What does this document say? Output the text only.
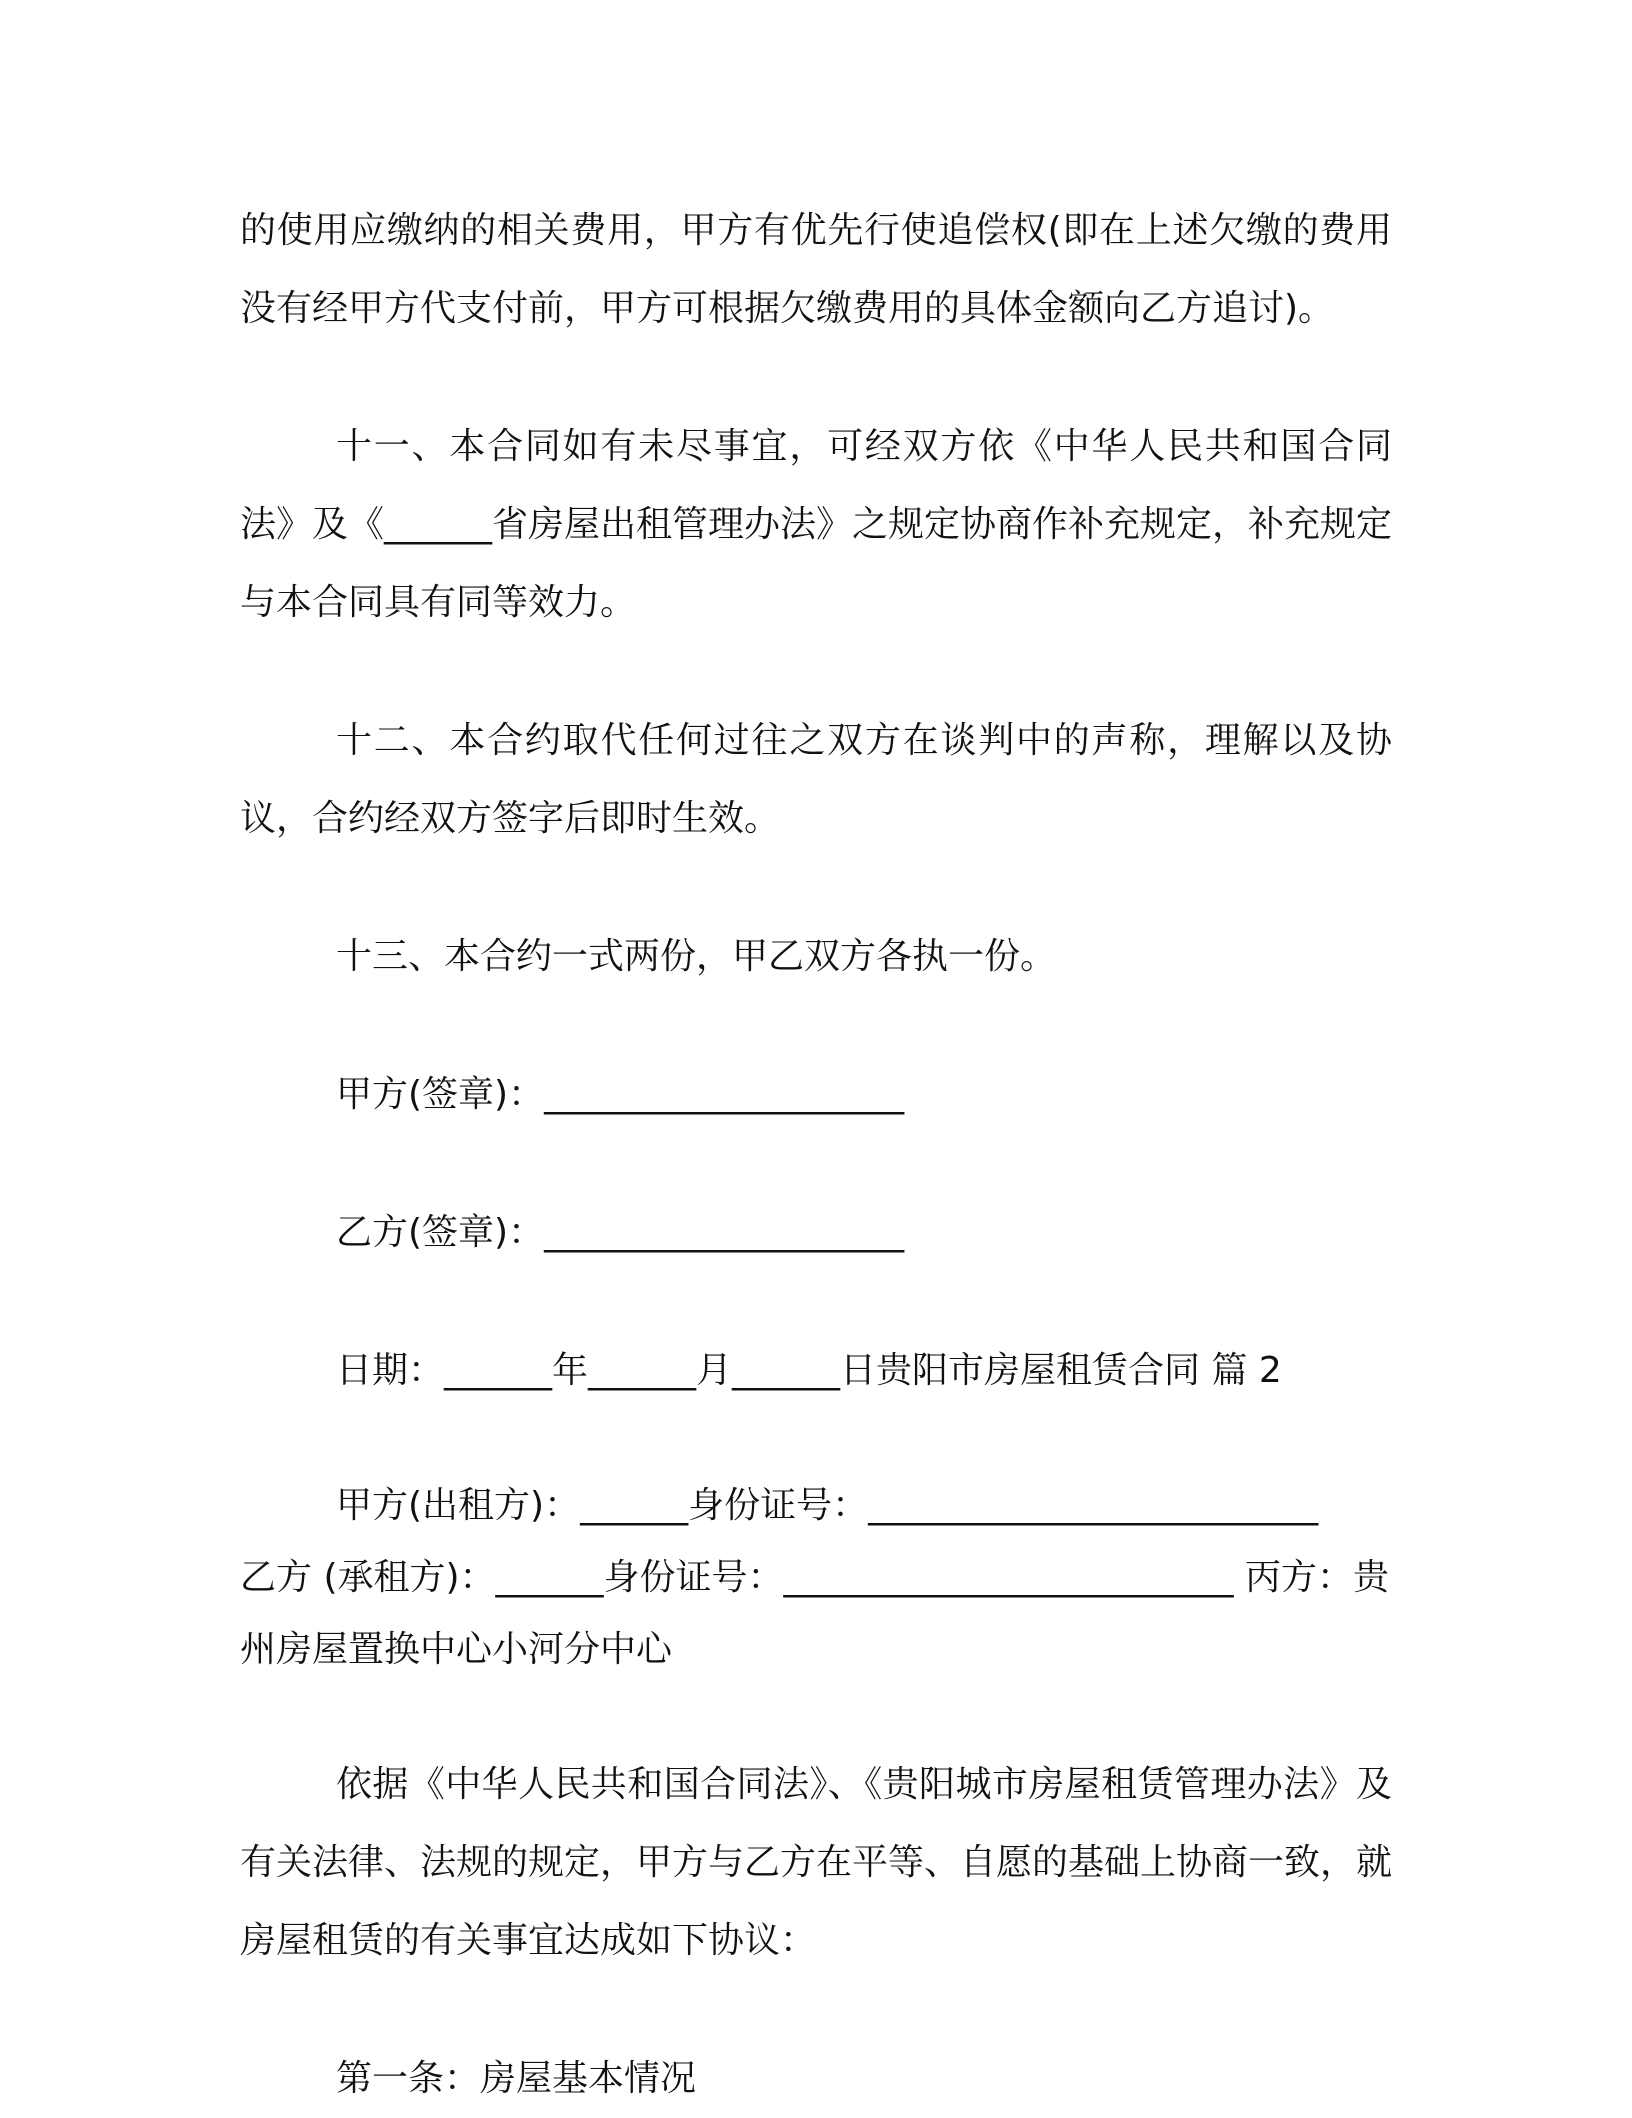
的使用应缴纳的相关费用，甲方有优先行使追偿权(即在上述欠缴的费用没有经甲方代支付前，甲方可根据欠缴费用的具体金额向乙方追讨)。

十一、本合同如有未尽事宜，可经双方依《中华人民共和国合同法》及《______省房屋出租管理办法》之规定协商作补充规定，补充规定与本合同具有同等效力。

十二、本合约取代任何过往之双方在谈判中的声称，理解以及协议，合约经双方签字后即时生效。

十三、本合约一式两份，甲乙双方各执一份。

甲方(签章)：____________________

乙方(签章)：____________________

日期：______年______月______日贵阳市房屋租赁合同 篇 2

甲方(出租方)：______身份证号：_________________________

乙方 (承租方)：______身份证号：_________________________ 丙方：贵州房屋置换中心小河分中心

依据《中华人民共和国合同法》、《贵阳城市房屋租赁管理办法》及有关法律、法规的规定，甲方与乙方在平等、自愿的基础上协商一致，就房屋租赁的有关事宜达成如下协议：

第一条：房屋基本情况
